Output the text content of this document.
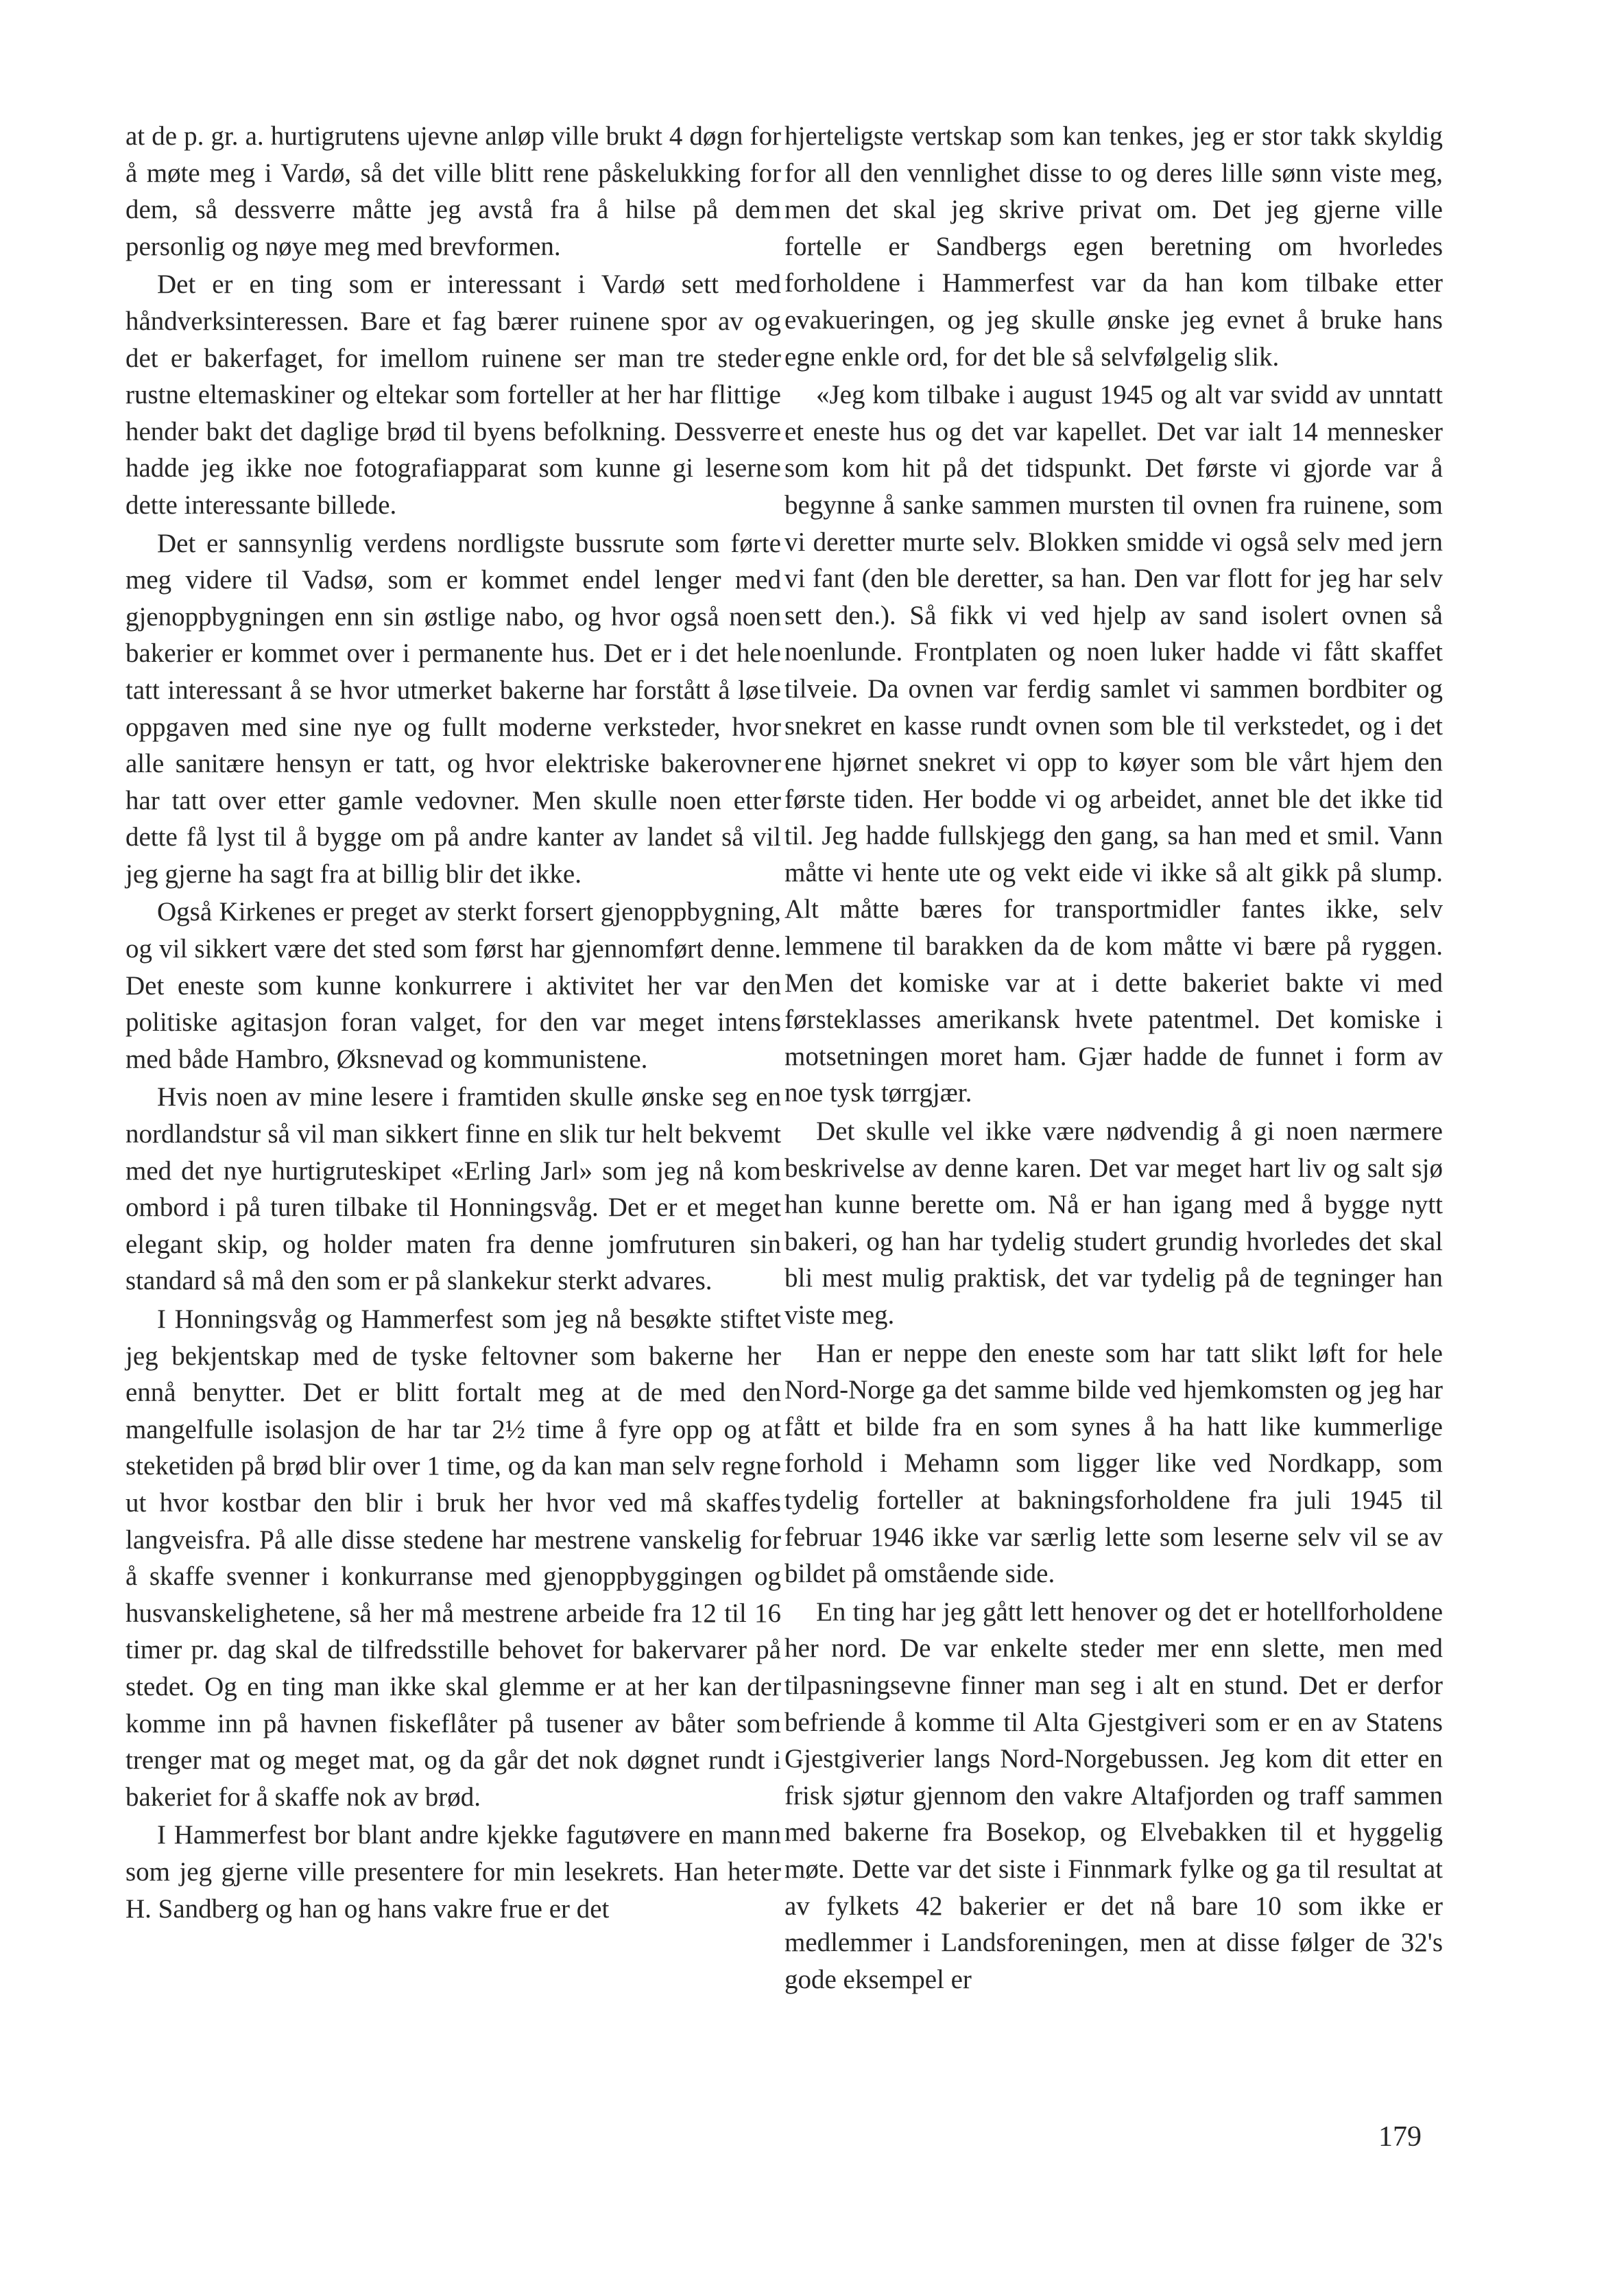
at de p. gr. a. hurtigrutens ujevne anløp ville brukt 4 døgn for å møte meg i Vardø, så det ville blitt rene påskelukking for dem, så dessverre måtte jeg avstå fra å hilse på dem personlig og nøye meg med brevformen.

Det er en ting som er interessant i Vardø sett med håndverksinteressen. Bare et fag bærer ruinene spor av og det er bakerfaget, for imellom ruinene ser man tre steder rustne eltemaskiner og eltekar som forteller at her har flittige hender bakt det daglige brød til byens befolkning. Dessverre hadde jeg ikke noe fotografiapparat som kunne gi leserne dette interessante billede.

Det er sannsynlig verdens nordligste bussrute som førte meg videre til Vadsø, som er kommet endel lenger med gjenoppbygningen enn sin østlige nabo, og hvor også noen bakerier er kommet over i permanente hus. Det er i det hele tatt interessant å se hvor utmerket bakerne har forstått å løse oppgaven med sine nye og fullt moderne verksteder, hvor alle sanitære hensyn er tatt, og hvor elektriske bakerovner har tatt over etter gamle vedovner. Men skulle noen etter dette få lyst til å bygge om på andre kanter av landet så vil jeg gjerne ha sagt fra at billig blir det ikke.

Også Kirkenes er preget av sterkt forsert gjenoppbygning, og vil sikkert være det sted som først har gjennomført denne. Det eneste som kunne konkurrere i aktivitet her var den politiske agitasjon foran valget, for den var meget intens med både Hambro, Øksnevad og kommunistene.

Hvis noen av mine lesere i framtiden skulle ønske seg en nordlandstur så vil man sikkert finne en slik tur helt bekvemt med det nye hurtigruteskipet «Erling Jarl» som jeg nå kom ombord i på turen tilbake til Honningsvåg. Det er et meget elegant skip, og holder maten fra denne jomfruturen sin standard så må den som er på slankekur sterkt advares.

I Honningsvåg og Hammerfest som jeg nå besøkte stiftet jeg bekjentskap med de tyske feltovner som bakerne her ennå benytter. Det er blitt fortalt meg at de med den mangelfulle isolasjon de har tar 2½ time å fyre opp og at steketiden på brød blir over 1 time, og da kan man selv regne ut hvor kostbar den blir i bruk her hvor ved må skaffes langveisfra. På alle disse stedene har mestrene vanskelig for å skaffe svenner i konkurranse med gjenoppbyggingen og husvanskelighetene, så her må mestrene arbeide fra 12 til 16 timer pr. dag skal de tilfredsstille behovet for bakervarer på stedet. Og en ting man ikke skal glemme er at her kan der komme inn på havnen fiskeflåter på tusener av båter som trenger mat og meget mat, og da går det nok døgnet rundt i bakeriet for å skaffe nok av brød.

I Hammerfest bor blant andre kjekke fagutøvere en mann som jeg gjerne ville presentere for min lesekrets. Han heter H. Sandberg og han og hans vakre frue er det

hjerteligste vertskap som kan tenkes, jeg er stor takk skyldig for all den vennlighet disse to og deres lille sønn viste meg, men det skal jeg skrive privat om. Det jeg gjerne ville fortelle er Sandbergs egen beretning om hvorledes forholdene i Hammerfest var da han kom tilbake etter evakueringen, og jeg skulle ønske jeg evnet å bruke hans egne enkle ord, for det ble så selvfølgelig slik.

«Jeg kom tilbake i august 1945 og alt var svidd av unntatt et eneste hus og det var kapellet. Det var ialt 14 mennesker som kom hit på det tidspunkt. Det første vi gjorde var å begynne å sanke sammen mursten til ovnen fra ruinene, som vi deretter murte selv. Blokken smidde vi også selv med jern vi fant (den ble deretter, sa han. Den var flott for jeg har selv sett den.). Så fikk vi ved hjelp av sand isolert ovnen så noenlunde. Frontplaten og noen luker hadde vi fått skaffet tilveie. Da ovnen var ferdig samlet vi sammen bordbiter og snekret en kasse rundt ovnen som ble til verkstedet, og i det ene hjørnet snekret vi opp to køyer som ble vårt hjem den første tiden. Her bodde vi og arbeidet, annet ble det ikke tid til. Jeg hadde fullskjegg den gang, sa han med et smil. Vann måtte vi hente ute og vekt eide vi ikke så alt gikk på slump. Alt måtte bæres for transportmidler fantes ikke, selv lemmene til barakken da de kom måtte vi bære på ryggen. Men det komiske var at i dette bakeriet bakte vi med førsteklasses amerikansk hvete patentmel. Det komiske i motsetningen moret ham. Gjær hadde de funnet i form av noe tysk tørrgjær.

Det skulle vel ikke være nødvendig å gi noen nærmere beskrivelse av denne karen. Det var meget hart liv og salt sjø han kunne berette om. Nå er han igang med å bygge nytt bakeri, og han har tydelig studert grundig hvorledes det skal bli mest mulig praktisk, det var tydelig på de tegninger han viste meg.

Han er neppe den eneste som har tatt slikt løft for hele Nord-Norge ga det samme bilde ved hjemkomsten og jeg har fått et bilde fra en som synes å ha hatt like kummerlige forhold i Mehamn som ligger like ved Nordkapp, som tydelig forteller at bakningsforholdene fra juli 1945 til februar 1946 ikke var særlig lette som leserne selv vil se av bildet på omstående side.

En ting har jeg gått lett henover og det er hotellforholdene her nord. De var enkelte steder mer enn slette, men med tilpasningsevne finner man seg i alt en stund. Det er derfor befriende å komme til Alta Gjestgiveri som er en av Statens Gjestgiverier langs Nord-Norgebussen. Jeg kom dit etter en frisk sjøtur gjennom den vakre Altafjorden og traff sammen med bakerne fra Bosekop, og Elvebakken til et hyggelig møte. Dette var det siste i Finnmark fylke og ga til resultat at av fylkets 42 bakerier er det nå bare 10 som ikke er medlemmer i Landsforeningen, men at disse følger de 32's gode eksempel er

179
